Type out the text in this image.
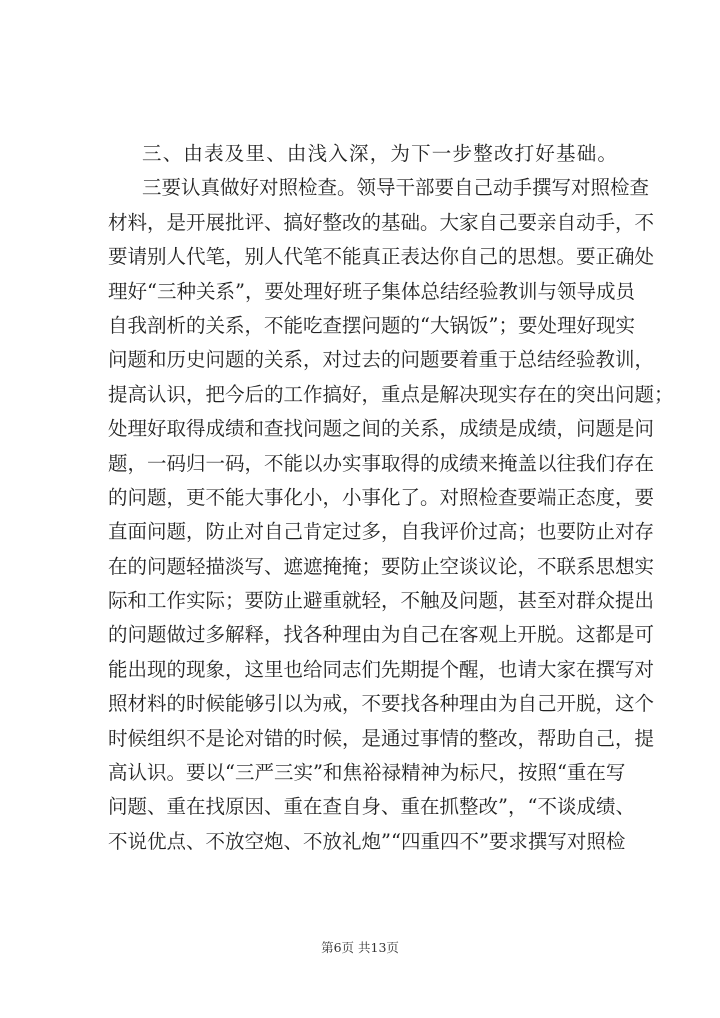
三、由表及里、由浅入深，为下一步整改打好基础。
三要认真做好对照检查。领导干部要自己动手撰写对照检查
材料，是开展批评、搞好整改的基础。大家自己要亲自动手，不
要请别人代笔，别人代笔不能真正表达你自己的思想。要正确处
理好“三种关系”，要处理好班子集体总结经验教训与领导成员
自我剖析的关系，不能吃查摆问题的“大锅饭”；要处理好现实
问题和历史问题的关系，对过去的问题要着重于总结经验教训，
提高认识，把今后的工作搞好，重点是解决现实存在的突出问题；
处理好取得成绩和查找问题之间的关系，成绩是成绩，问题是问
题，一码归一码，不能以办实事取得的成绩来掩盖以往我们存在
的问题，更不能大事化小，小事化了。对照检查要端正态度，要
直面问题，防止对自己肯定过多，自我评价过高；也要防止对存
在的问题轻描淡写、遮遮掩掩；要防止空谈议论，不联系思想实
际和工作实际；要防止避重就轻，不触及问题，甚至对群众提出
的问题做过多解释，找各种理由为自己在客观上开脱。这都是可
能出现的现象，这里也给同志们先期提个醒，也请大家在撰写对
照材料的时候能够引以为戒，不要找各种理由为自己开脱，这个
时候组织不是论对错的时候，是通过事情的整改，帮助自己，提
高认识。要以“三严三实”和焦裕禄精神为标尺，按照“重在写
问题、重在找原因、重在查自身、重在抓整改”，“不谈成绩、
不说优点、不放空炮、不放礼炮”“四重四不”要求撰写对照检
第6页 共13页
